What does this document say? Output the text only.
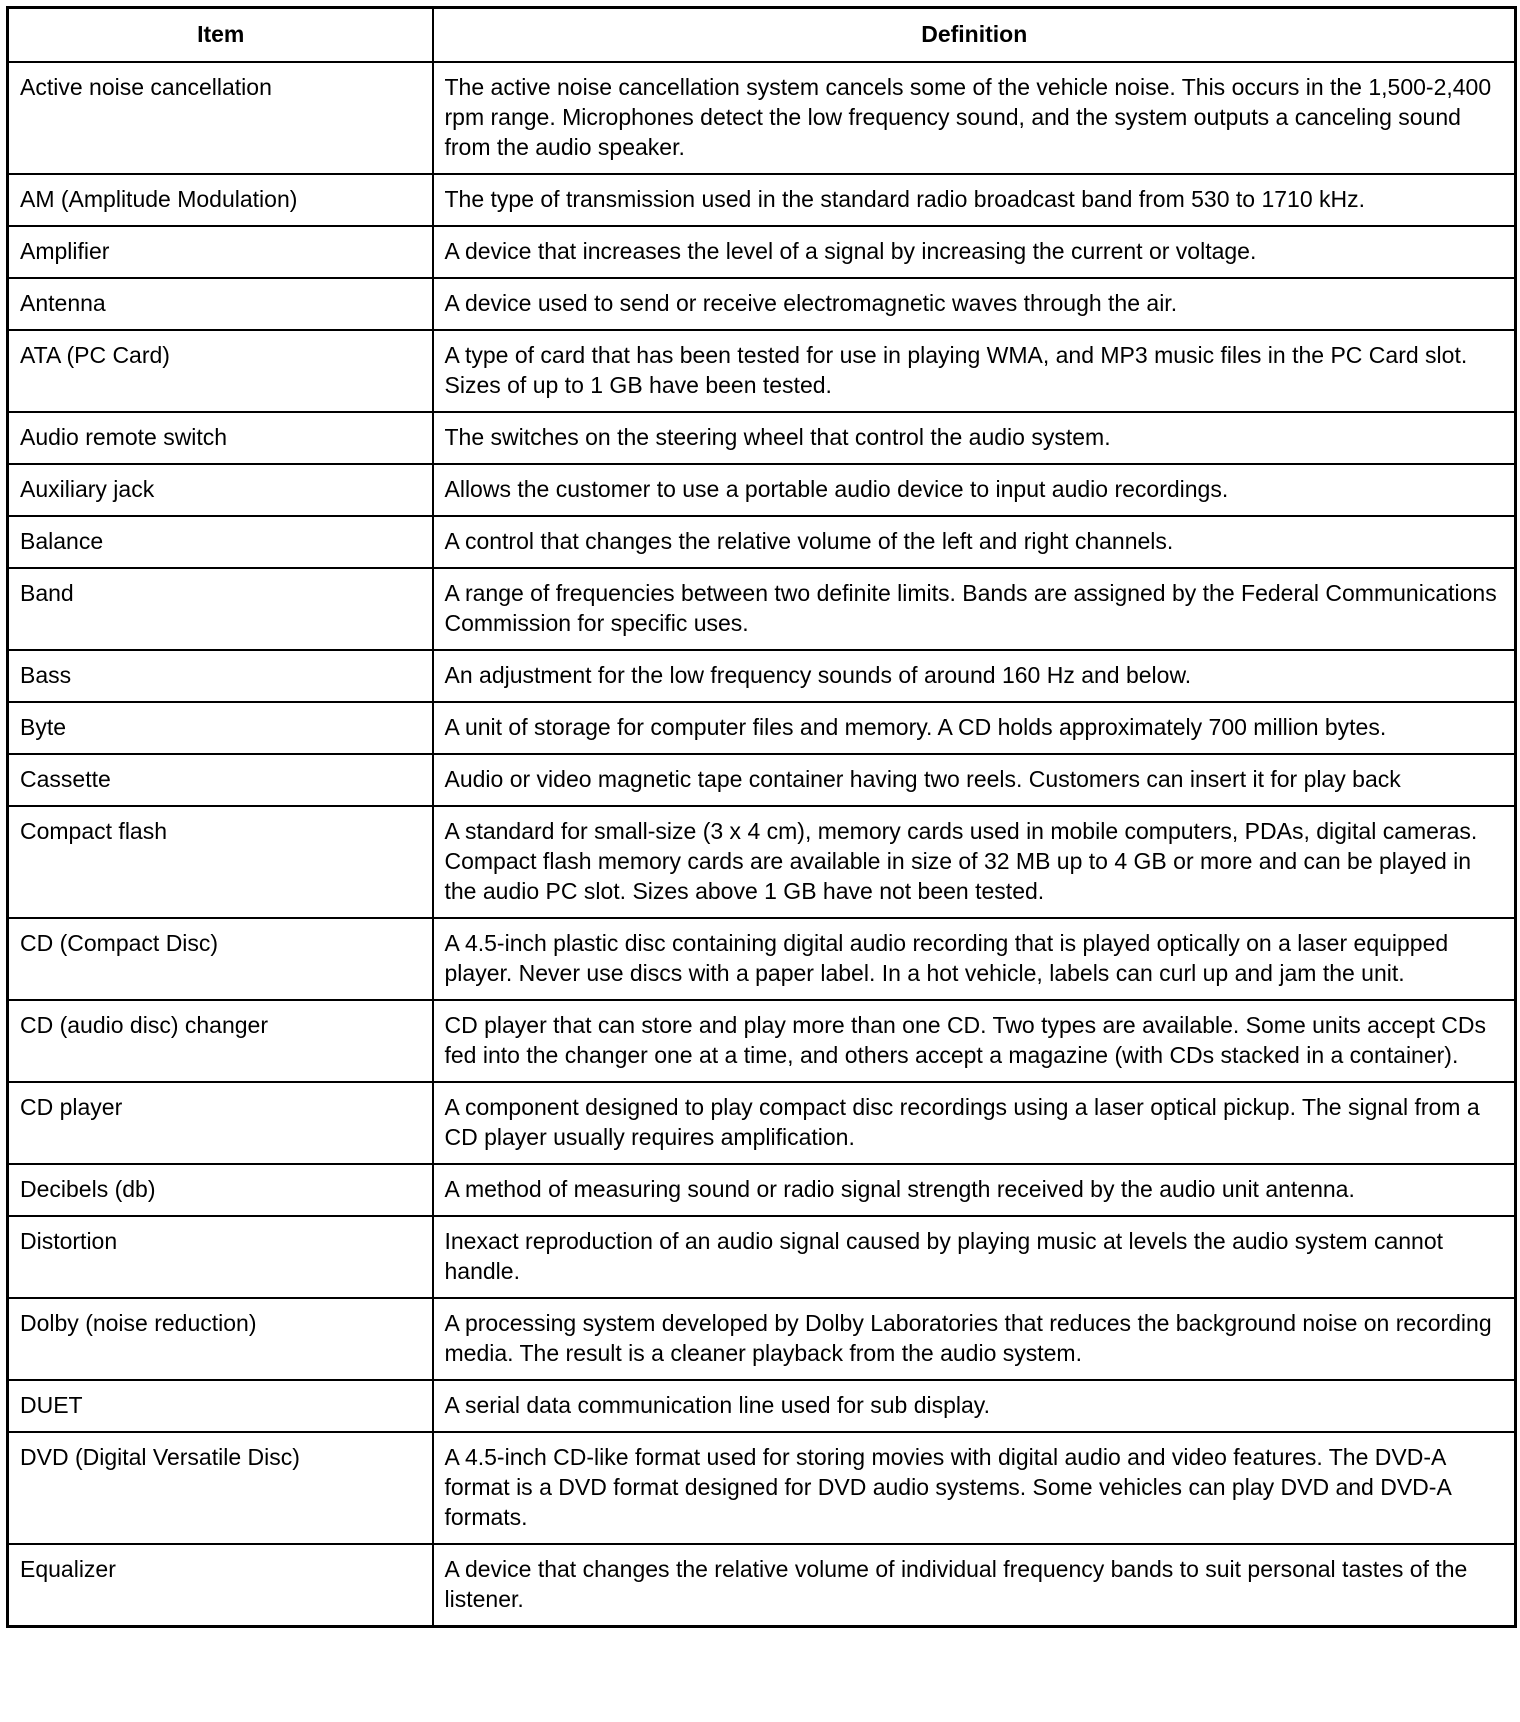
Item	Definition
Active noise cancellation	The active noise cancellation system cancels some of the vehicle noise. This occurs in the 1,500-2,400 rpm range. Microphones detect the low frequency sound, and the system outputs a canceling sound from the audio speaker.
AM (Amplitude Modulation)	The type of transmission used in the standard radio broadcast band from 530 to 1710 kHz.
Amplifier	A device that increases the level of a signal by increasing the current or voltage.
Antenna	A device used to send or receive electromagnetic waves through the air.
ATA (PC Card)	A type of card that has been tested for use in playing WMA, and MP3 music files in the PC Card slot. Sizes of up to 1 GB have been tested.
Audio remote switch	The switches on the steering wheel that control the audio system.
Auxiliary jack	Allows the customer to use a portable audio device to input audio recordings.
Balance	A control that changes the relative volume of the left and right channels.
Band	A range of frequencies between two definite limits. Bands are assigned by the Federal Communications Commission for specific uses.
Bass	An adjustment for the low frequency sounds of around 160 Hz and below.
Byte	A unit of storage for computer files and memory. A CD holds approximately 700 million bytes.
Cassette	Audio or video magnetic tape container having two reels. Customers can insert it for play back
Compact flash	A standard for small-size (3 x 4 cm), memory cards used in mobile computers, PDAs, digital cameras. Compact flash memory cards are available in size of 32 MB up to 4 GB or more and can be played in the audio PC slot. Sizes above 1 GB have not been tested.
CD (Compact Disc)	A 4.5-inch plastic disc containing digital audio recording that is played optically on a laser equipped player. Never use discs with a paper label. In a hot vehicle, labels can curl up and jam the unit.
CD (audio disc) changer	CD player that can store and play more than one CD. Two types are available. Some units accept CDs fed into the changer one at a time, and others accept a magazine (with CDs stacked in a container).
CD player	A component designed to play compact disc recordings using a laser optical pickup. The signal from a CD player usually requires amplification.
Decibels (db)	A method of measuring sound or radio signal strength received by the audio unit antenna.
Distortion	Inexact reproduction of an audio signal caused by playing music at levels the audio system cannot handle.
Dolby (noise reduction)	A processing system developed by Dolby Laboratories that reduces the background noise on recording media. The result is a cleaner playback from the audio system.
DUET	A serial data communication line used for sub display.
DVD (Digital Versatile Disc)	A 4.5-inch CD-like format used for storing movies with digital audio and video features. The DVD-A format is a DVD format designed for DVD audio systems. Some vehicles can play DVD and DVD-A formats.
Equalizer	A device that changes the relative volume of individual frequency bands to suit personal tastes of the listener.
